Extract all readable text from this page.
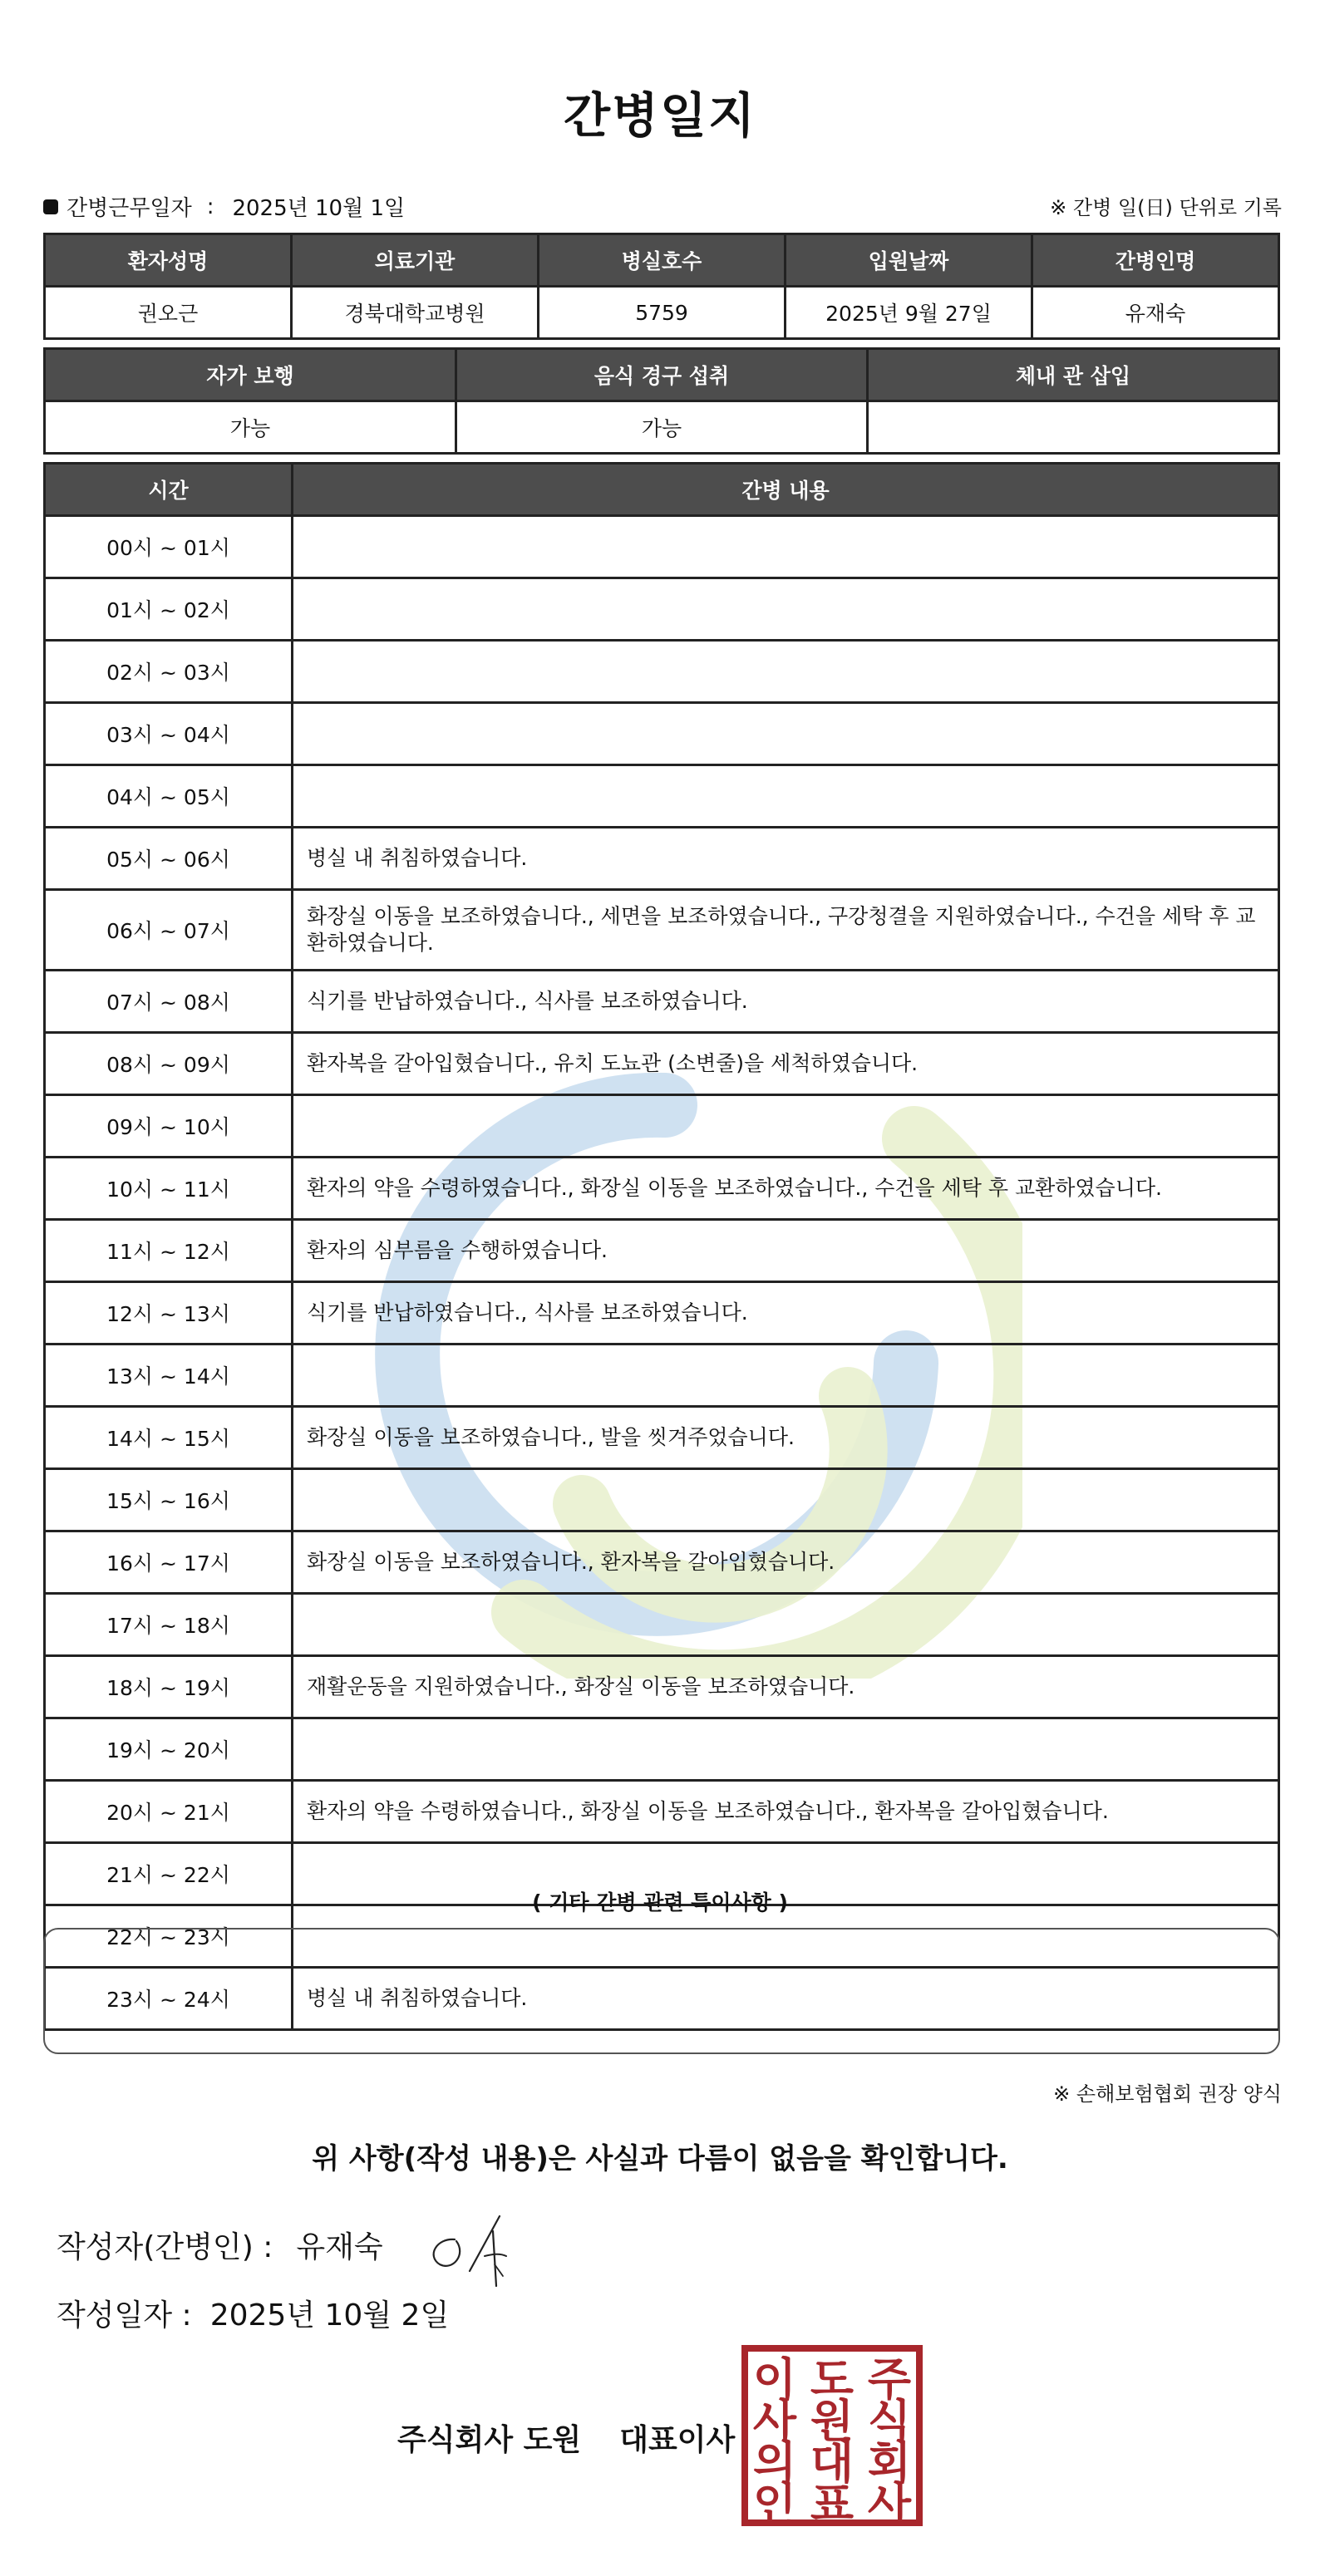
간병일지
간병근무일자 : 2025년 10월 1일	※ 간병 일(日) 단위로 기록
환자성명	의료기관	병실호수	입원날짜	간병인명
권오근	경북대학교병원	5759	2025년 9월 27일	유재숙
자가 보행	음식 경구 섭취	체내 관 삽입
가능	가능	
시간	간병 내용
00시 ~ 01시	
01시 ~ 02시	
02시 ~ 03시	
03시 ~ 04시	
04시 ~ 05시	
05시 ~ 06시	병실 내 취침하였습니다.
06시 ~ 07시	화장실 이동을 보조하였습니다., 세면을 보조하였습니다., 구강청결을 지원하였습니다., 수건을 세탁 후 교환하였습니다.
07시 ~ 08시	식기를 반납하였습니다., 식사를 보조하였습니다.
08시 ~ 09시	환자복을 갈아입혔습니다., 유치 도뇨관 (소변줄)을 세척하였습니다.
09시 ~ 10시	
10시 ~ 11시	환자의 약을 수령하였습니다., 화장실 이동을 보조하였습니다., 수건을 세탁 후 교환하였습니다.
11시 ~ 12시	환자의 심부름을 수행하였습니다.
12시 ~ 13시	식기를 반납하였습니다., 식사를 보조하였습니다.
13시 ~ 14시	
14시 ~ 15시	화장실 이동을 보조하였습니다., 발을 씻겨주었습니다.
15시 ~ 16시	
16시 ~ 17시	화장실 이동을 보조하였습니다., 환자복을 갈아입혔습니다.
17시 ~ 18시	
18시 ~ 19시	재활운동을 지원하였습니다., 화장실 이동을 보조하였습니다.
19시 ~ 20시	
20시 ~ 21시	환자의 약을 수령하였습니다., 화장실 이동을 보조하였습니다., 환자복을 갈아입혔습니다.
21시 ~ 22시	
22시 ~ 23시	
23시 ~ 24시	병실 내 취침하였습니다.
( 기타 간병 관련 특이사항 )
※ 손해보험협회 권장 양식
위 사항(작성 내용)은 사실과 다름이 없음을 확인합니다.
작성자(간병인) : 유재숙
작성일자 : 2025년 10월 2일
주식회사 도원 대표이사
주
식
회
사
도
원
대
표
이
사
의
인
